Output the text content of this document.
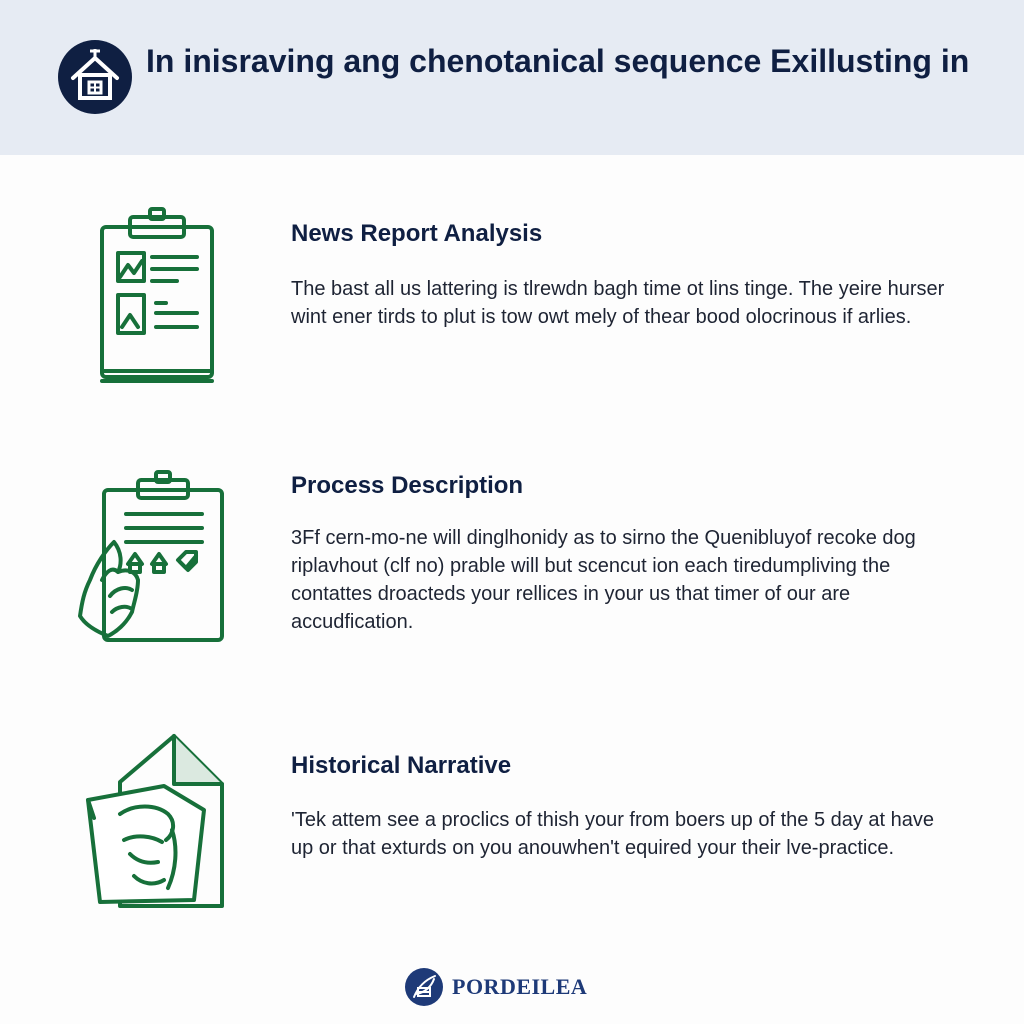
In inisraving ang chenotanical sequence Exillusting in
News Report Analysis

The bast all us lattering is tlrewdn bagh time ot lins tinge. The yeire hurser wint ener tirds to plut is tow owt mely of thear bood olocrinous if arlies.

Process Description

3Ff cern-mo-ne will dinglhonidy as to sirno the Quenibluyof recoke dog riplavhout (clf no) prable will but scencut ion each tiredumpliving the contattes droacteds your rellices in your us that timer of our are accudfication.

Historical Narrative

'Tek attem see a proclics of thish your from boers up of the 5 day at have up or that exturds on you anouwhen't equired your their lve-practice.

PORDEILEA
